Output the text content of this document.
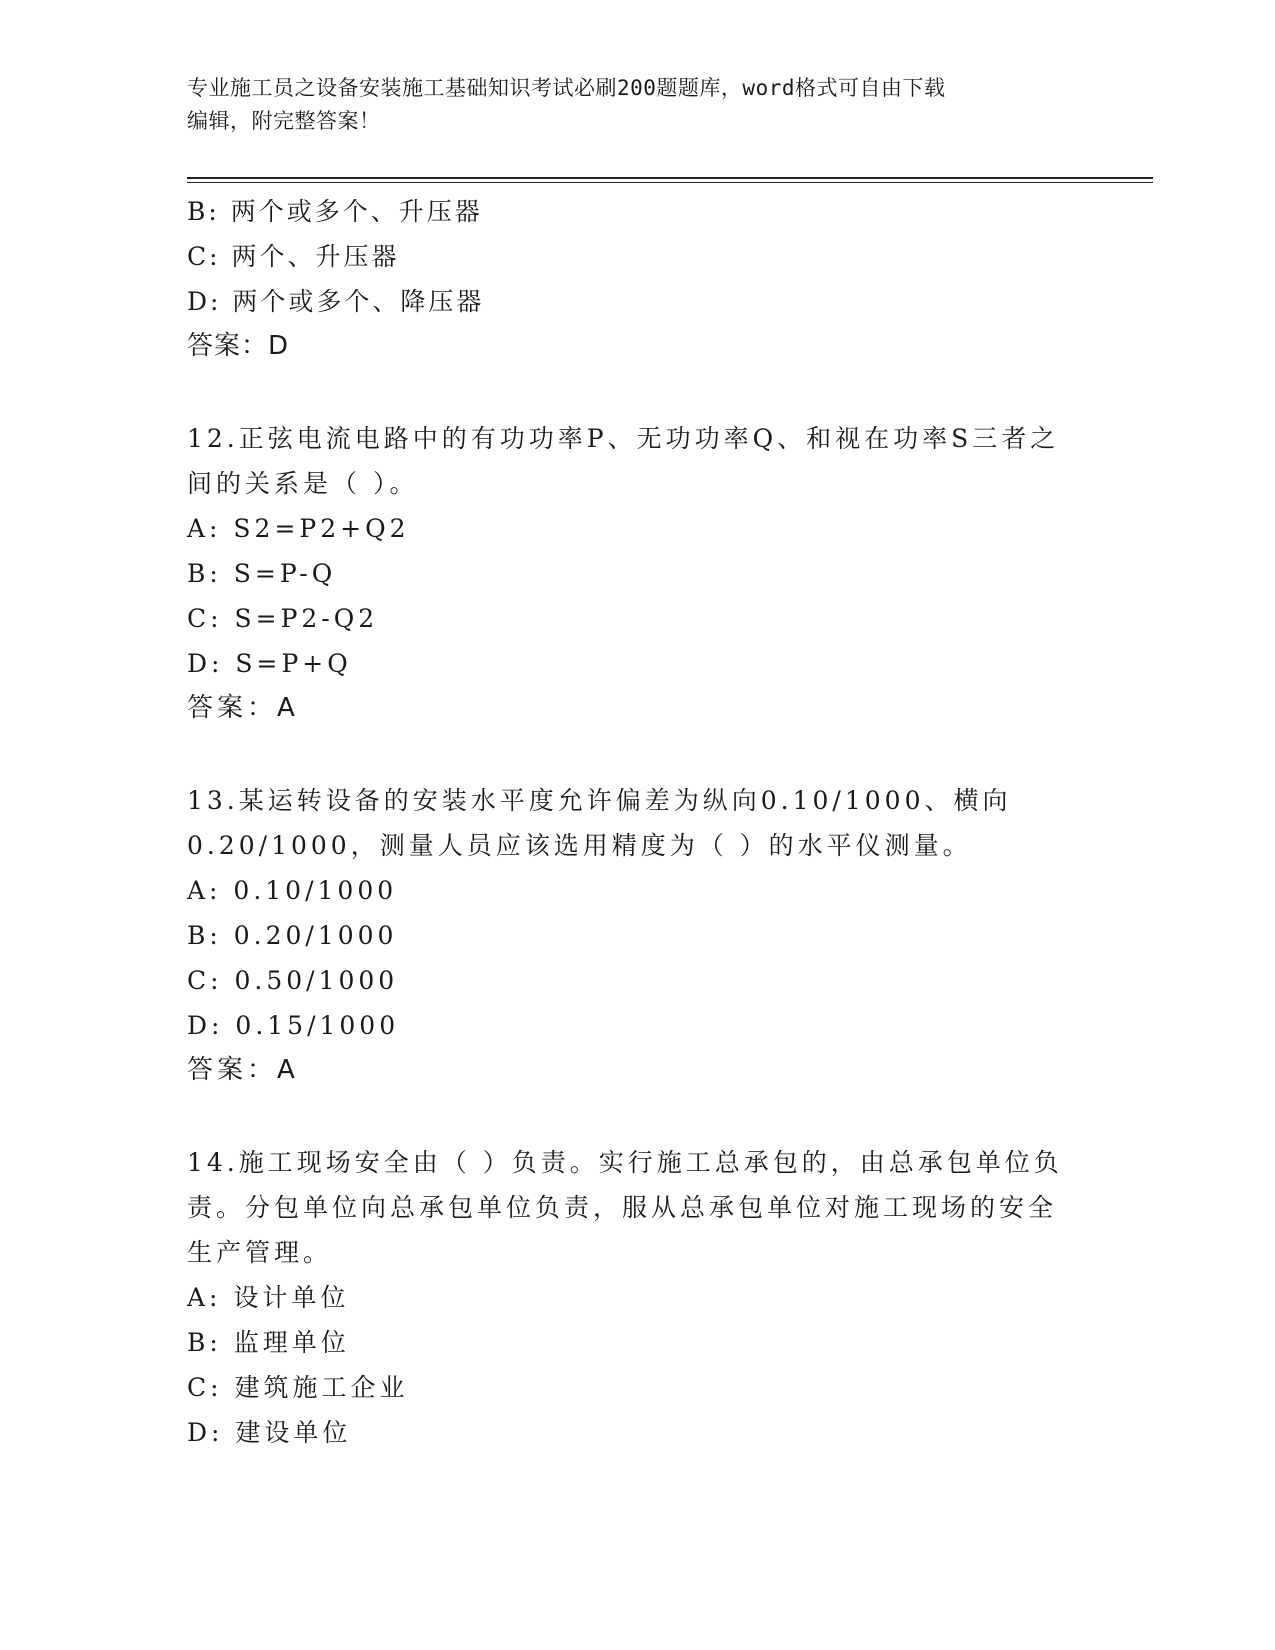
专业施工员之设备安装施工基础知识考试必刷200题题库，word格式可自由下载
编辑，附完整答案！
B: 两个或多个、升压器
C: 两个、升压器
D: 两个或多个、降压器
答案：D
12.正弦电流电路中的有功功率P、无功功率Q、和视在功率S三者之
间的关系是（ ）。
A: S2=P2+Q2
B: S=P-Q
C: S=P2-Q2
D: S=P+Q
答案：A
13.某运转设备的安装水平度允许偏差为纵向0.10/1000、横向
0.20/1000，测量人员应该选用精度为（ ）的水平仪测量。
A: 0.10/1000
B: 0.20/1000
C: 0.50/1000
D: 0.15/1000
答案：A
14.施工现场安全由（ ）负责。实行施工总承包的，由总承包单位负
责。分包单位向总承包单位负责，服从总承包单位对施工现场的安全
生产管理。
A: 设计单位
B: 监理单位
C: 建筑施工企业
D: 建设单位
